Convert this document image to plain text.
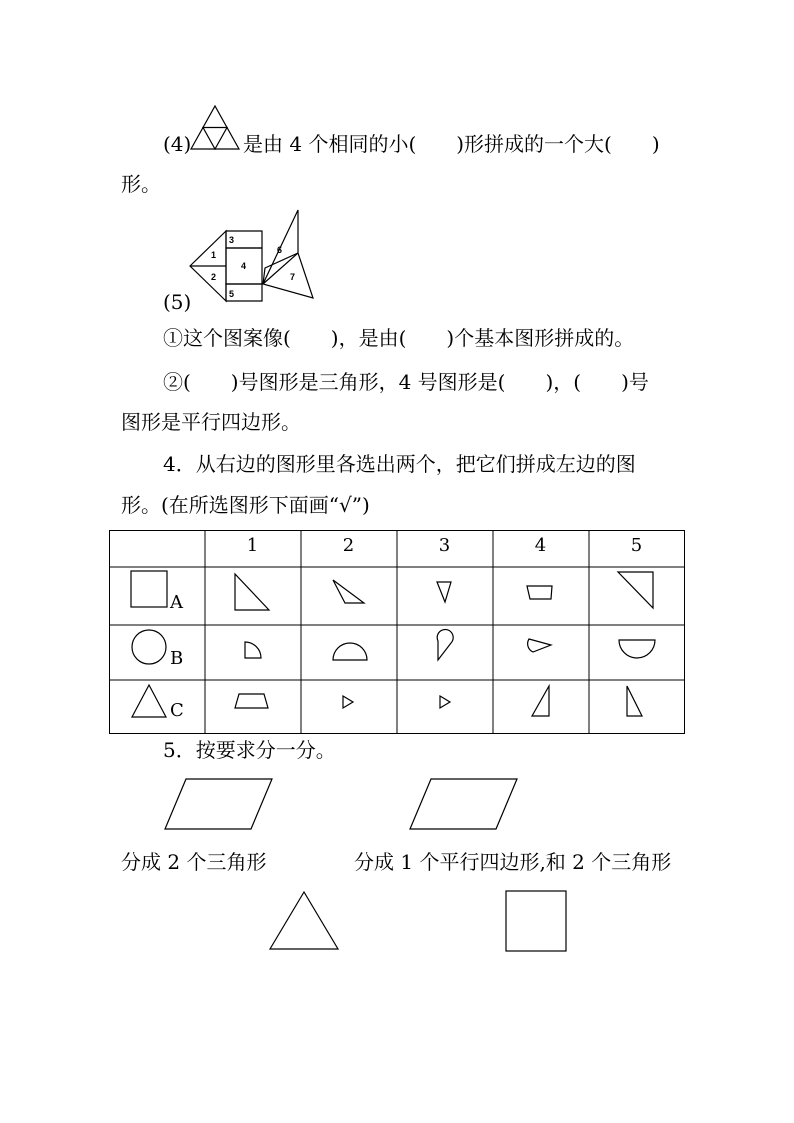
(4)	是由 4 个相同的小(　　)形拼成的一个大(　　)
形。
1
2
3
4
5
6
7
(5)
①这个图案像(　　)，是由(　　)个基本图形拼成的。
②(　　)号图形是三角形，4 号图形是(　　)，(　　)号
图形是平行四边形。
4．从右边的图形里各选出两个，把它们拼成左边的图
形。(在所选图形下面画“√”)
1	2	3	4	5
A
B
C
5．按要求分一分。
分成 2 个三角形	分成 1 个平行四边形,和 2 个三角形
